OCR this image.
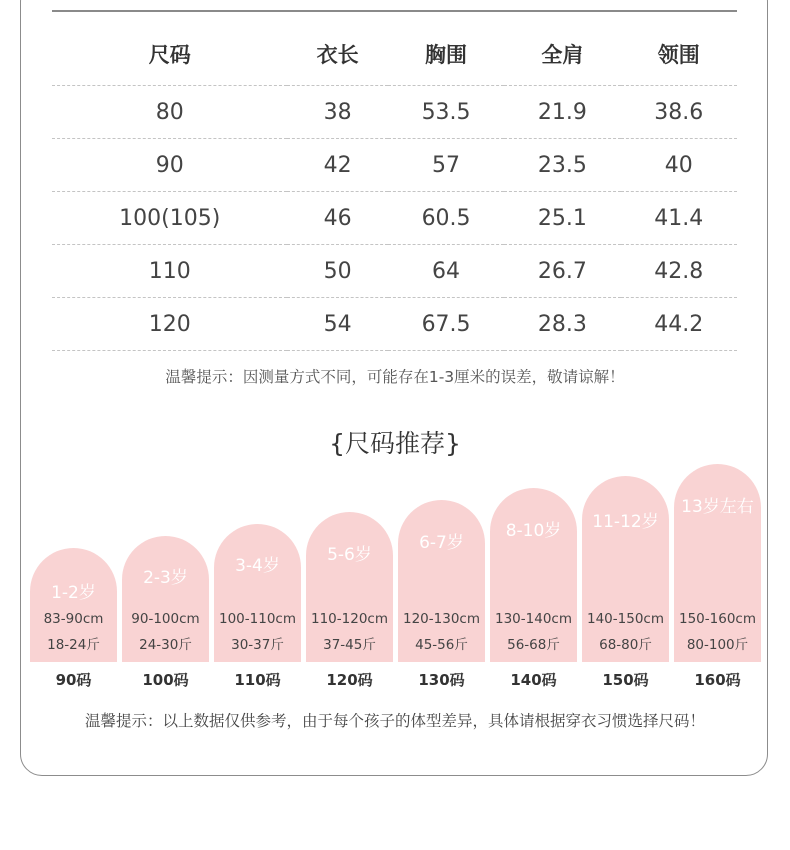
尺码	衣长	胸围	全肩	领围
80	38	53.5	21.9	38.6
90	42	57	23.5	40
100(105)	46	60.5	25.1	41.4
110	50	64	26.7	42.8
120	54	67.5	28.3	44.2
温馨提示：因测量方式不同，可能存在1-3厘米的误差，敬请谅解！
{尺码推荐}
1-2岁
83-90cm
18-24斤
90码
2-3岁
90-100cm
24-30斤
100码
3-4岁
100-110cm
30-37斤
110码
5-6岁
110-120cm
37-45斤
120码
6-7岁
120-130cm
45-56斤
130码
8-10岁
130-140cm
56-68斤
140码
11-12岁
140-150cm
68-80斤
150码
13岁左右
150-160cm
80-100斤
160码
温馨提示：以上数据仅供参考，由于每个孩子的体型差异，具体请根据穿衣习惯选择尺码！
